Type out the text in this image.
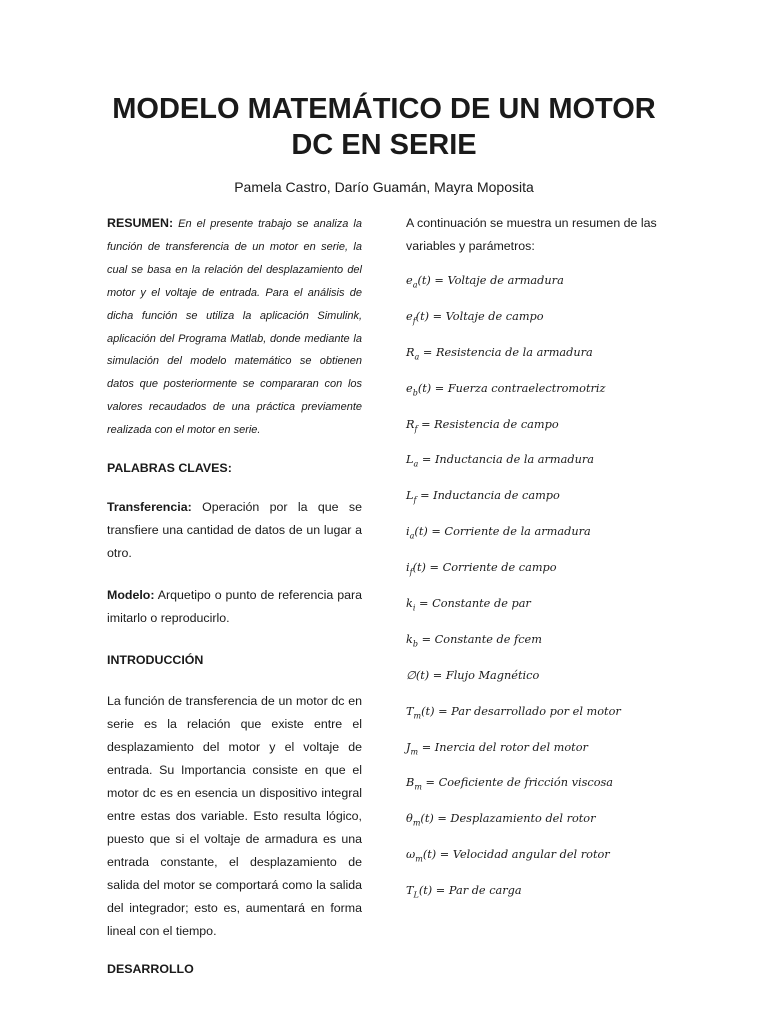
MODELO MATEMÁTICO DE UN MOTOR
DC EN SERIE
Pamela Castro, Darío Guamán, Mayra Moposita

RESUMEN: En el presente trabajo se analiza la función de transferencia de un motor en serie, la cual se basa en la relación del desplazamiento del motor y el voltaje de entrada. Para el análisis de dicha función se utiliza la aplicación Simulink, aplicación del Programa Matlab, donde mediante la simulación del modelo matemático se obtienen datos que posteriormente se compararan con los valores recaudados de una práctica previamente realizada con el motor en serie.

PALABRAS CLAVES:

Transferencia: Operación por la que se transfiere una cantidad de datos de un lugar a otro.

Modelo: Arquetipo o punto de referencia para imitarlo o reproducirlo.

INTRODUCCIÓN

La función de transferencia de un motor dc en serie es la relación que existe entre el desplazamiento del motor y el voltaje de entrada. Su Importancia consiste en que el motor dc es en esencia un dispositivo integral entre estas dos variable. Esto resulta lógico, puesto que si el voltaje de armadura es una entrada constante, el desplazamiento de salida del motor se comportará como la salida del integrador; esto es, aumentará en forma lineal con el tiempo.

DESARROLLO

A continuación se muestra un resumen de las variables y parámetros:

$e_a(t)$ = Voltaje de armadura
$e_f(t)$ = Voltaje de campo
$R_a$ = Resistencia de la armadura
$e_b(t)$ = Fuerza contraelectromotriz
$R_f$ = Resistencia de campo
$L_a$ = Inductancia de la armadura
$L_f$ = Inductancia de campo
$i_a(t)$ = Corriente de la armadura
$i_f(t)$ = Corriente de campo
$k_i$ = Constante de par
$k_b$ = Constante de fcem
∅(t) = Flujo Magnético
$T_m(t)$ = Par desarrollado por el motor
$J_m$ = Inercia del rotor del motor
$B_m$ = Coeficiente de fricción viscosa
$\theta_m(t)$ = Desplazamiento del rotor
$\omega_m(t)$ = Velocidad angular del rotor
$T_L(t)$ = Par de carga
